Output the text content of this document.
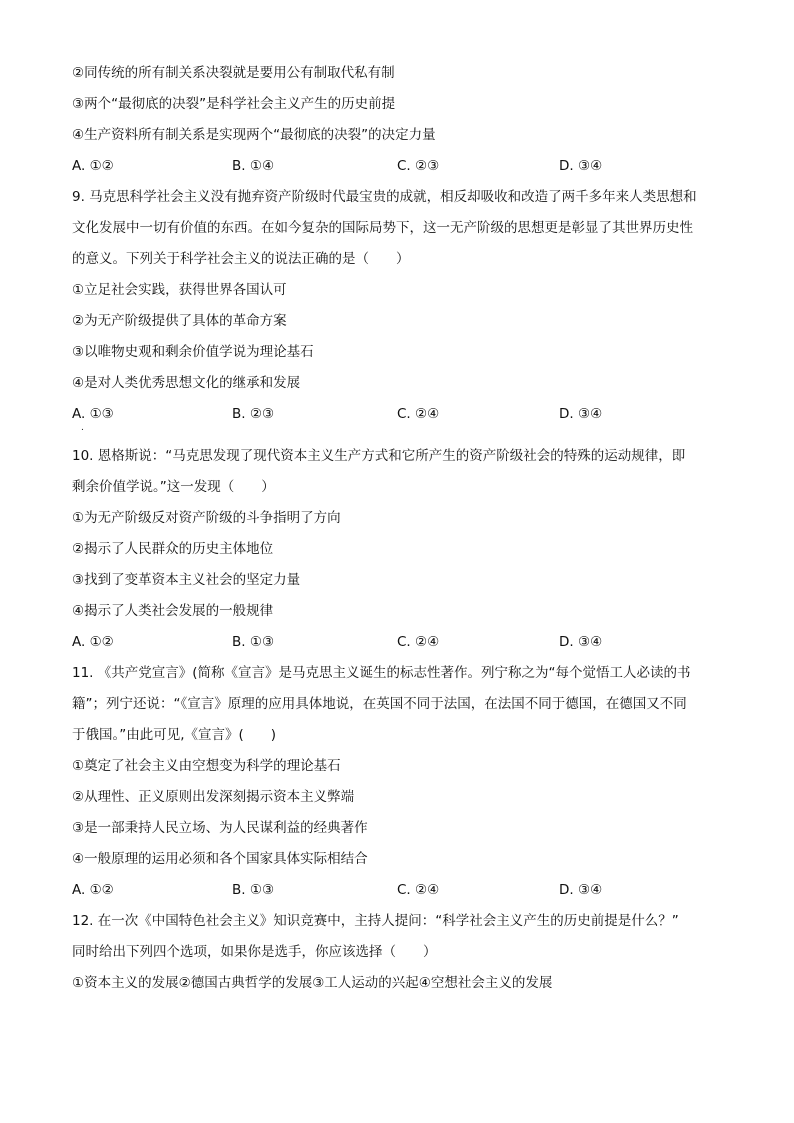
②同传统的所有制关系决裂就是要用公有制取代私有制
③两个“最彻底的决裂”是科学社会主义产生的历史前提
④生产资料所有制关系是实现两个“最彻底的决裂”的决定力量
A. ①②	B. ①④	C. ②③	D. ③④
9. 马克思科学社会主义没有抛弃资产阶级时代最宝贵的成就，相反却吸收和改造了两千多年来人类思想和
文化发展中一切有价值的东西。在如今复杂的国际局势下，这一无产阶级的思想更是彰显了其世界历史性
的意义。下列关于科学社会主义的说法正确的是（　　）
①立足社会实践，获得世界各国认可
②为无产阶级提供了具体的革命方案
③以唯物史观和剩余价值学说为理论基石
④是对人类优秀思想文化的继承和发展
A. ①③	B. ②③	C. ②④	D. ③④
.
10. 恩格斯说：“马克思发现了现代资本主义生产方式和它所产生的资产阶级社会的特殊的运动规律，即
剩余价值学说。”这一发现（　　）
①为无产阶级反对资产阶级的斗争指明了方向
②揭示了人民群众的历史主体地位
③找到了变革资本主义社会的坚定力量
④揭示了人类社会发展的一般规律
A. ①②	B. ①③	C. ②④	D. ③④
11. 《共产党宣言》(简称《宣言》是马克思主义诞生的标志性著作。列宁称之为“每个觉悟工人必读的书
籍”；列宁还说：“《宣言》原理的应用具体地说，在英国不同于法国，在法国不同于德国，在德国又不同
于俄国。”由此可见,《宣言》(　　)
①奠定了社会主义由空想变为科学的理论基石
②从理性、正义原则出发深刻揭示资本主义弊端
③是一部秉持人民立场、为人民谋利益的经典著作
④一般原理的运用必须和各个国家具体实际相结合
A. ①②	B. ①③	C. ②④	D. ③④
12. 在一次《中国特色社会主义》知识竞赛中，主持人提问：“科学社会主义产生的历史前提是什么？”
同时给出下列四个选项，如果你是选手，你应该选择（　　）
①资本主义的发展②德国古典哲学的发展③工人运动的兴起④空想社会主义的发展
